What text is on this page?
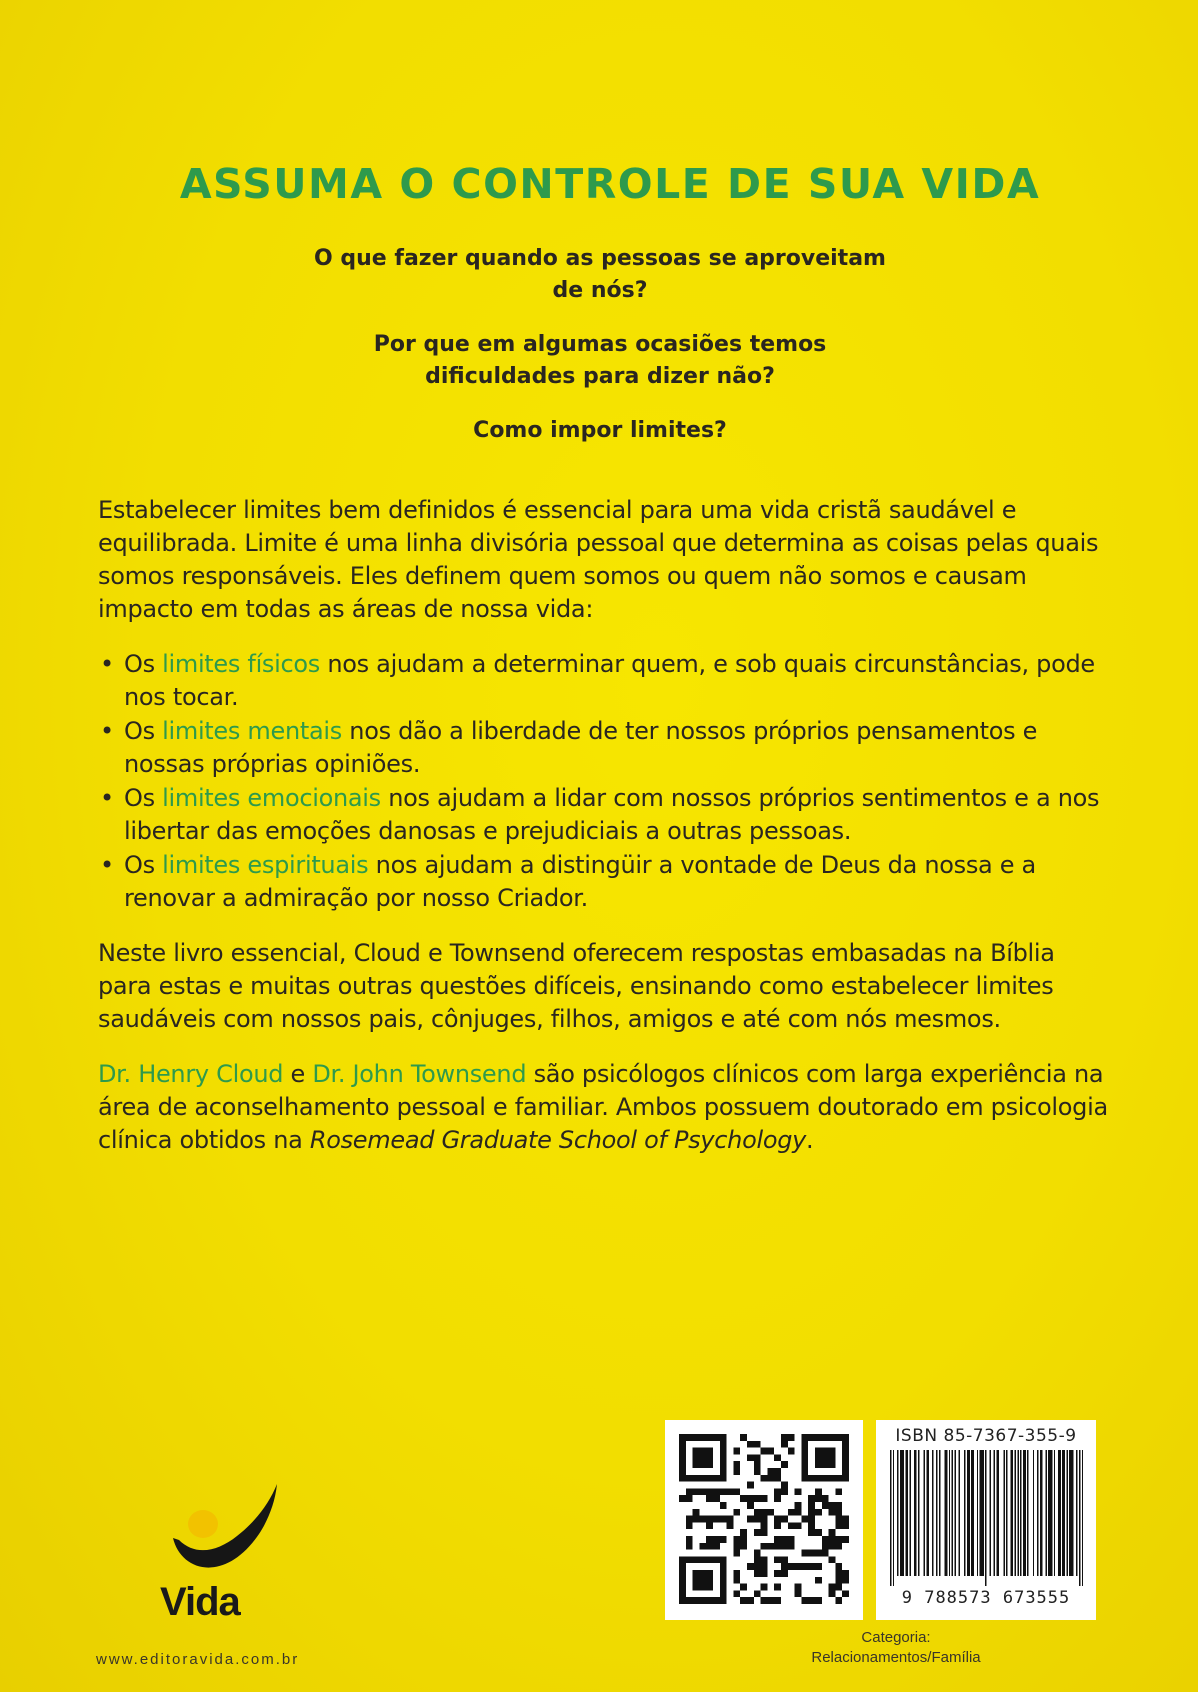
ASSUMA O CONTROLE DE SUA VIDA

O que fazer quando as pessoas se aproveitam de nós?

Por que em algumas ocasiões temos dificuldades para dizer não?

Como impor limites?

Estabelecer limites bem definidos é essencial para uma vida cristã saudável e equilibrada. Limite é uma linha divisória pessoal que determina as coisas pelas quais somos responsáveis. Eles definem quem somos ou quem não somos e causam impacto em todas as áreas de nossa vida:

• Os limites físicos nos ajudam a determinar quem, e sob quais circunstâncias, pode nos tocar.
• Os limites mentais nos dão a liberdade de ter nossos próprios pensamentos e nossas próprias opiniões.
• Os limites emocionais nos ajudam a lidar com nossos próprios sentimentos e a nos libertar das emoções danosas e prejudiciais a outras pessoas.
• Os limites espirituais nos ajudam a distingüir a vontade de Deus da nossa e a renovar a admiração por nosso Criador.

Neste livro essencial, Cloud e Townsend oferecem respostas embasadas na Bíblia para estas e muitas outras questões difíceis, ensinando como estabelecer limites saudáveis com nossos pais, cônjuges, filhos, amigos e até com nós mesmos.

Dr. Henry Cloud e Dr. John Townsend são psicólogos clínicos com larga experiência na área de aconselhamento pessoal e familiar. Ambos possuem doutorado em psicologia clínica obtidos na Rosemead Graduate School of Psychology.

ISBN 85-7367-355-9
9 788573 673555
Categoria:
Relacionamentos/Família
Vida
www.editoravida.com.br
